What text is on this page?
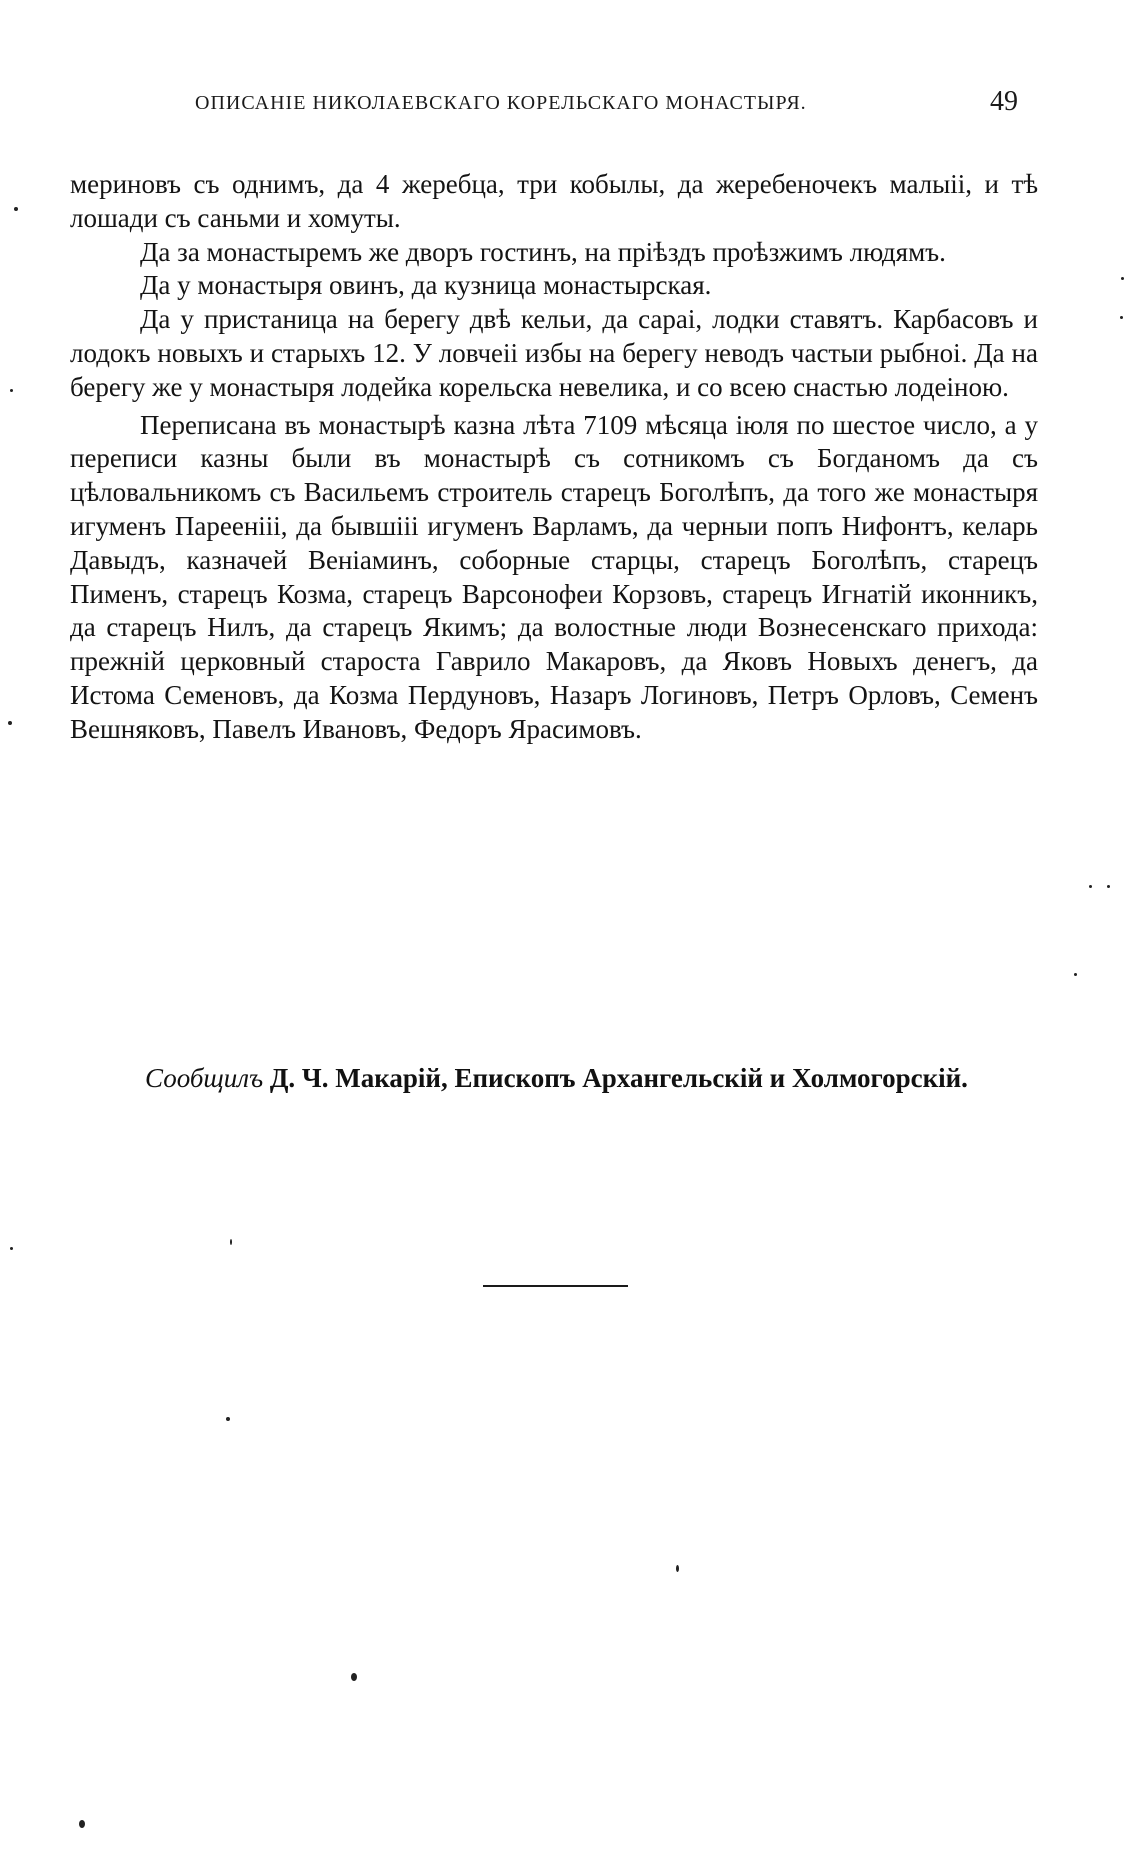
ОПИСАНІЕ НИКОЛАЕВСКАГО КОРЕЛЬСКАГО МОНАСТЫРЯ.	49

мериновъ съ однимъ, да 4 жеребца, три кобылы, да жеребеночекъ малыіі, и тѣ лошади съ саньми и хомуты.

Да за монастыремъ же дворъ гостинъ, на пріѣздъ проѣзжимъ людямъ.

Да у монастыря овинъ, да кузница монастырская.

Да у пристаница на берегу двѣ кельи, да сараі, лодки ставятъ. Карбасовъ и лодокъ новыхъ и старыхъ 12. У ловчеіі избы на берегу неводъ частыи рыбноі. Да на берегу же у монастыря лодейка корельска невелика, и со всею снастью лодеіною.

Переписана въ монастырѣ казна лѣта 7109 мѣсяца іюля по шестое число, а у переписи казны были въ монастырѣ съ сотникомъ съ Богданомъ да съ цѣловальникомъ съ Васильемъ строитель старецъ Боголѣпъ, да того же монастыря игуменъ Пареенііі, да бывшііі игуменъ Варламъ, да черныи попъ Нифонтъ, келарь Давыдъ, казначей Веніаминъ, соборные старцы, старецъ Боголѣпъ, старецъ Пименъ, старецъ Козма, старецъ Варсонофеи Корзовъ, старецъ Игнатій иконникъ, да старецъ Нилъ, да старецъ Якимъ; да волостные люди Вознесенскаго прихода: прежній церковный староста Гаврило Макаровъ, да Яковъ Новыхъ денегъ, да Истома Семеновъ, да Козма Пердуновъ, Назаръ Логиновъ, Петръ Орловъ, Семенъ Вешняковъ, Павелъ Ивановъ, Федоръ Ярасимовъ.

Сообщилъ Д. Ч. Макарій, Епископъ Архангельскій и Холмогорскій.
